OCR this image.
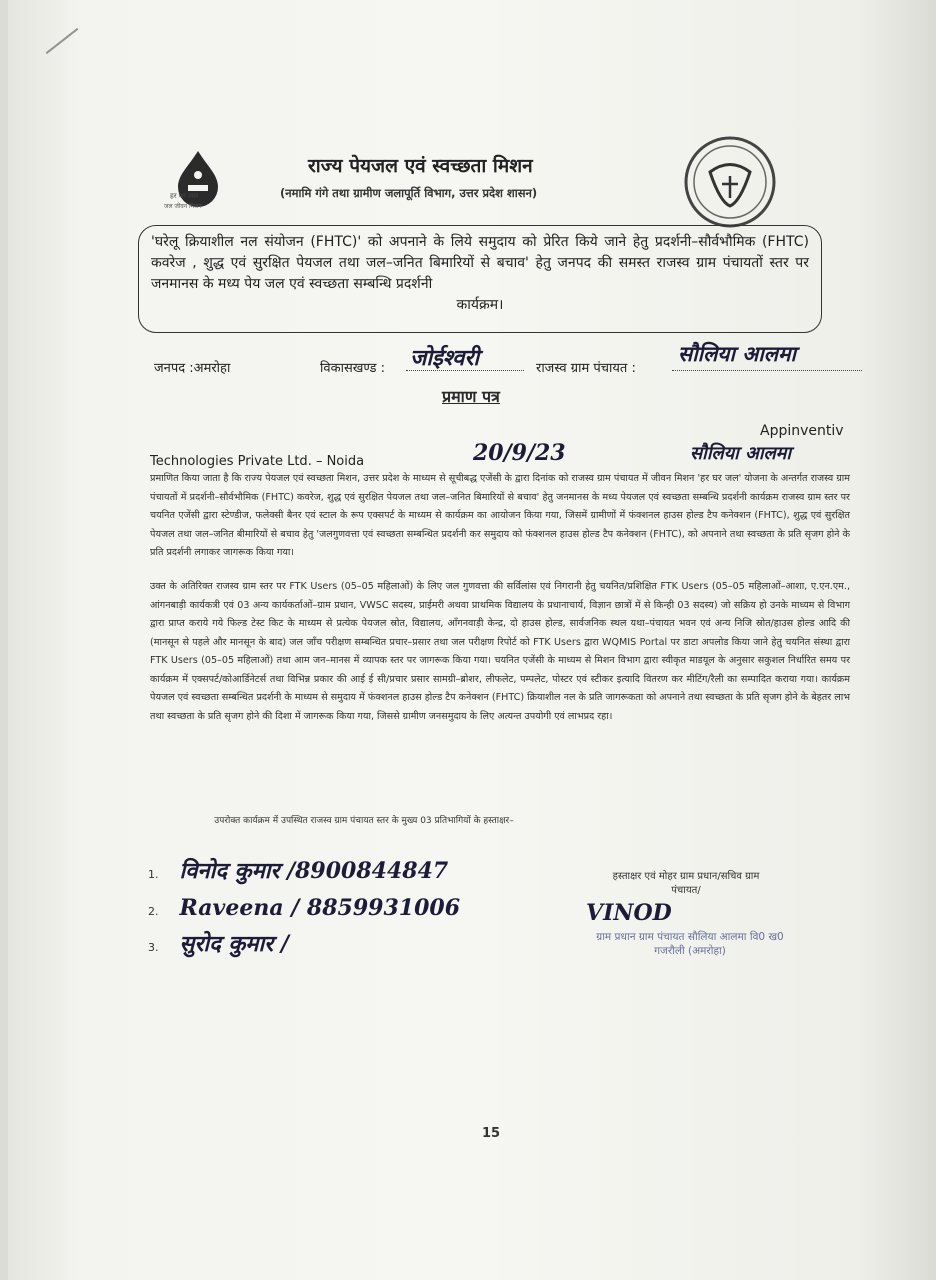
हर घर जल
जल जीवन मिशन
राज्य पेयजल एवं स्वच्छता मिशन
(नमामि गंगे तथा ग्रामीण जलापूर्ति विभाग, उत्तर प्रदेश शासन)
'घरेलू क्रियाशील नल संयोजन (FHTC)' को अपनाने के लिये समुदाय को प्रेरित किये जाने हेतु प्रदर्शनी–सौर्वभौमिक (FHTC) कवरेज , शुद्ध एवं सुरक्षित पेयजल तथा जल–जनित बिमारियों से बचाव' हेतु जनपद की समस्त राजस्व ग्राम पंचायतों स्तर पर जनमानस के मध्य पेय जल एवं स्वच्छता सम्बन्धि प्रदर्शनी
कार्यक्रम।
जनपद :अमरोहा	विकासखण्ड : जोईश्वरी	राजस्व ग्राम पंचायत :
सौलिया आलमा
प्रमाण पत्र
Appinventiv
Technologies Private Ltd. – Noida	20/9/23	सौलिया आलमा
प्रमाणित किया जाता है कि राज्य पेयजल एवं स्वच्छता मिशन, उत्तर प्रदेश के माध्यम से सूचीबद्ध एजेंसी के द्वारा दिनांक को राजस्व ग्राम पंचायत में जीवन मिशन 'हर घर जल' योजना के अन्तर्गत राजस्व ग्राम पंचायतों में प्रदर्शनी–सौर्वभौमिक (FHTC) कवरेज, शुद्ध एवं सुरक्षित पेयजल तथा जल–जनित बिमारियों से बचाव' हेतु जनमानस के मध्य पेयजल एवं स्वच्छता सम्बन्धि प्रदर्शनी कार्यक्रम राजस्व ग्राम स्तर पर चयनित एजेंसी द्वारा स्टेण्डीज, फलेक्सी बैनर एवं स्टाल के रूप एक्सपर्ट के माध्यम से कार्यक्रम का आयोजन किया गया, जिसमें ग्रामीणों में फंक्शनल हाउस होल्ड टैप कनेक्शन (FHTC), शुद्ध एवं सुरक्षित पेयजल तथा जल–जनित बीमारियों से बचाव हेतु 'जलगुणवत्ता एवं स्वच्छता सम्बन्धित प्रदर्शनी कर समुदाय को फंक्शनल हाउस होल्ड टैप कनेक्शन (FHTC), को अपनाने तथा स्वच्छता के प्रति सृजग होने के प्रति प्रदर्शनी लगाकर जागरूक किया गया।
उक्त के अतिरिक्त राजस्व ग्राम स्तर पर FTK Users (05–05 महिलाओं) के लिए जल गुणवत्ता की सर्विलांस एवं निगरानी हेतु चयनित/प्रशिक्षित FTK Users (05–05 महिलाओं–आशा, ए.एन.एम., आंगनबाड़ी कार्यकत्री एवं 03 अन्य कार्यकर्ताओं–ग्राम प्रधान, VWSC सदस्य, प्राईमरी अथवा प्राथमिक विद्यालय के प्रधानाचार्य, विज्ञान छात्रों में से किन्ही 03 सदस्य) जो सक्रिय हो उनके माध्यम से विभाग द्वारा प्राप्त कराये गये फिल्ड टेस्ट किट के माध्यम से प्रत्येक पेयजल स्रोत, विद्यालय, आँगनवाड़ी केन्द्र, दो हाउस होल्ड, सार्वजनिक स्थल यथा–पंचायत भवन एवं अन्य निजि स्रोत/हाउस होल्ड आदि की (मानसून से पहले और मानसून के बाद) जल जाँच परीक्षण सम्बन्धित प्रचार–प्रसार तथा जल परीक्षण रिपोर्ट को FTK Users द्वारा WQMIS Portal पर डाटा अपलोड किया जाने हेतु चयनित संस्था द्वारा FTK Users (05–05 महिलाओं) तथा आम जन–मानस में व्यापक स्तर पर जागरूक किया गया। चयनित एजेंसी के माध्यम से मिशन विभाग द्वारा स्वीकृत माडयूल के अनुसार सकुशल निर्धारित समय पर कार्यक्रम में एक्सपर्ट/कोआर्डिनेटर्स तथा विभिन्न प्रकार की आई ई सी/प्रचार प्रसार सामग्री–ब्रोशर, लीफलेट, पम्पलेट, पोस्टर एवं स्टीकर इत्यादि वितरण कर मीटिंग/रैली का सम्पादित कराया गया। कार्यक्रम पेयजल एवं स्वच्छता सम्बन्धित प्रदर्शनी के माध्यम से समुदाय में फंक्शनल हाउस होल्ड टैप कनेक्शन (FHTC) क्रियाशील नल के प्रति जागरूकता को अपनाने तथा स्वच्छता के प्रति सृजग होने के बेहतर लाभ तथा स्वच्छता के प्रति सृजग होने की दिशा में जागरूक किया गया, जिससे ग्रामीण जनसमुदाय के लिए अत्यन्त उपयोगी एवं लाभप्रद रहा।
उपरोक्त कार्यक्रम में उपस्थित राजस्व ग्राम पंचायत स्तर के मुख्य 03 प्रतिभागियों के हस्ताक्षर–
1. विनोद कुमार /8900844847
2. Raveena / 8859931006
3. सुरोद कुमार /
हस्ताक्षर एवं मोहर ग्राम प्रधान/सचिव ग्राम पंचायत/
VINOD
ग्राम प्रधान ग्राम पंचायत सौलिया आलमा वि0 ख0 गजरौली (अमरोहा)
15
